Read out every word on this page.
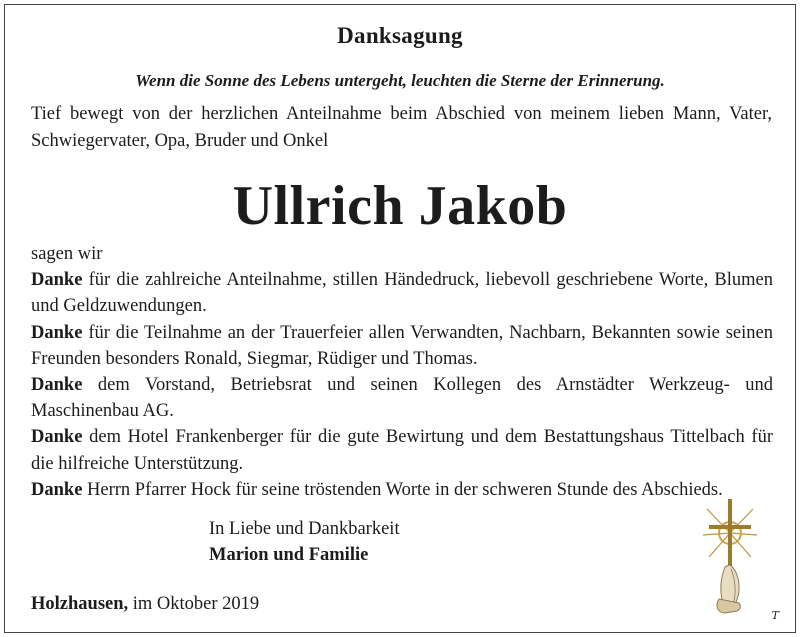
Danksagung
Wenn die Sonne des Lebens untergeht, leuchten die Sterne der Erinnerung.
Tief bewegt von der herzlichen Anteilnahme beim Abschied von meinem lieben Mann, Vater, Schwiegervater, Opa, Bruder und Onkel
Ullrich Jakob

sagen wir

Danke für die zahlreiche Anteilnahme, stillen Händedruck, liebevoll geschriebene Worte, Blumen und Geldzuwendungen.

Danke für die Teilnahme an der Trauerfeier allen Verwandten, Nachbarn, Bekannten sowie seinen Freunden besonders Ronald, Siegmar, Rüdiger und Thomas.

Danke dem Vorstand, Betriebsrat und seinen Kollegen des Arnstädter Werkzeug- und Maschinenbau AG.

Danke dem Hotel Frankenberger für die gute Bewirtung und dem Bestattungshaus Tittelbach für die hilfreiche Unterstützung.

Danke Herrn Pfarrer Hock für seine tröstenden Worte in der schweren Stunde des Abschieds.

In Liebe und Dankbarkeit
Marion und Familie
Holzhausen, im Oktober 2019
T
